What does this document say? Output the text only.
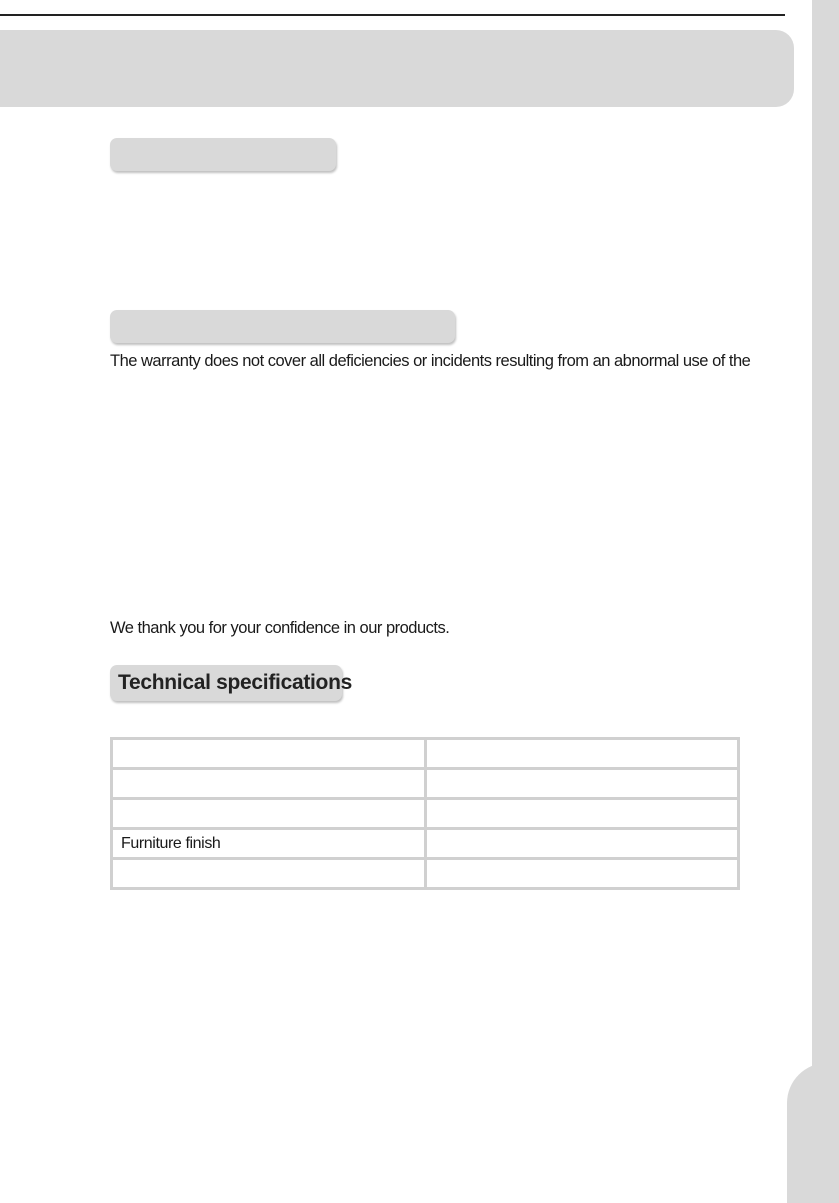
The warranty does not cover all deficiencies or incidents resulting from an abnormal use of the
We thank you for your confidence in our products.
Technical specifications

Furniture finish	
